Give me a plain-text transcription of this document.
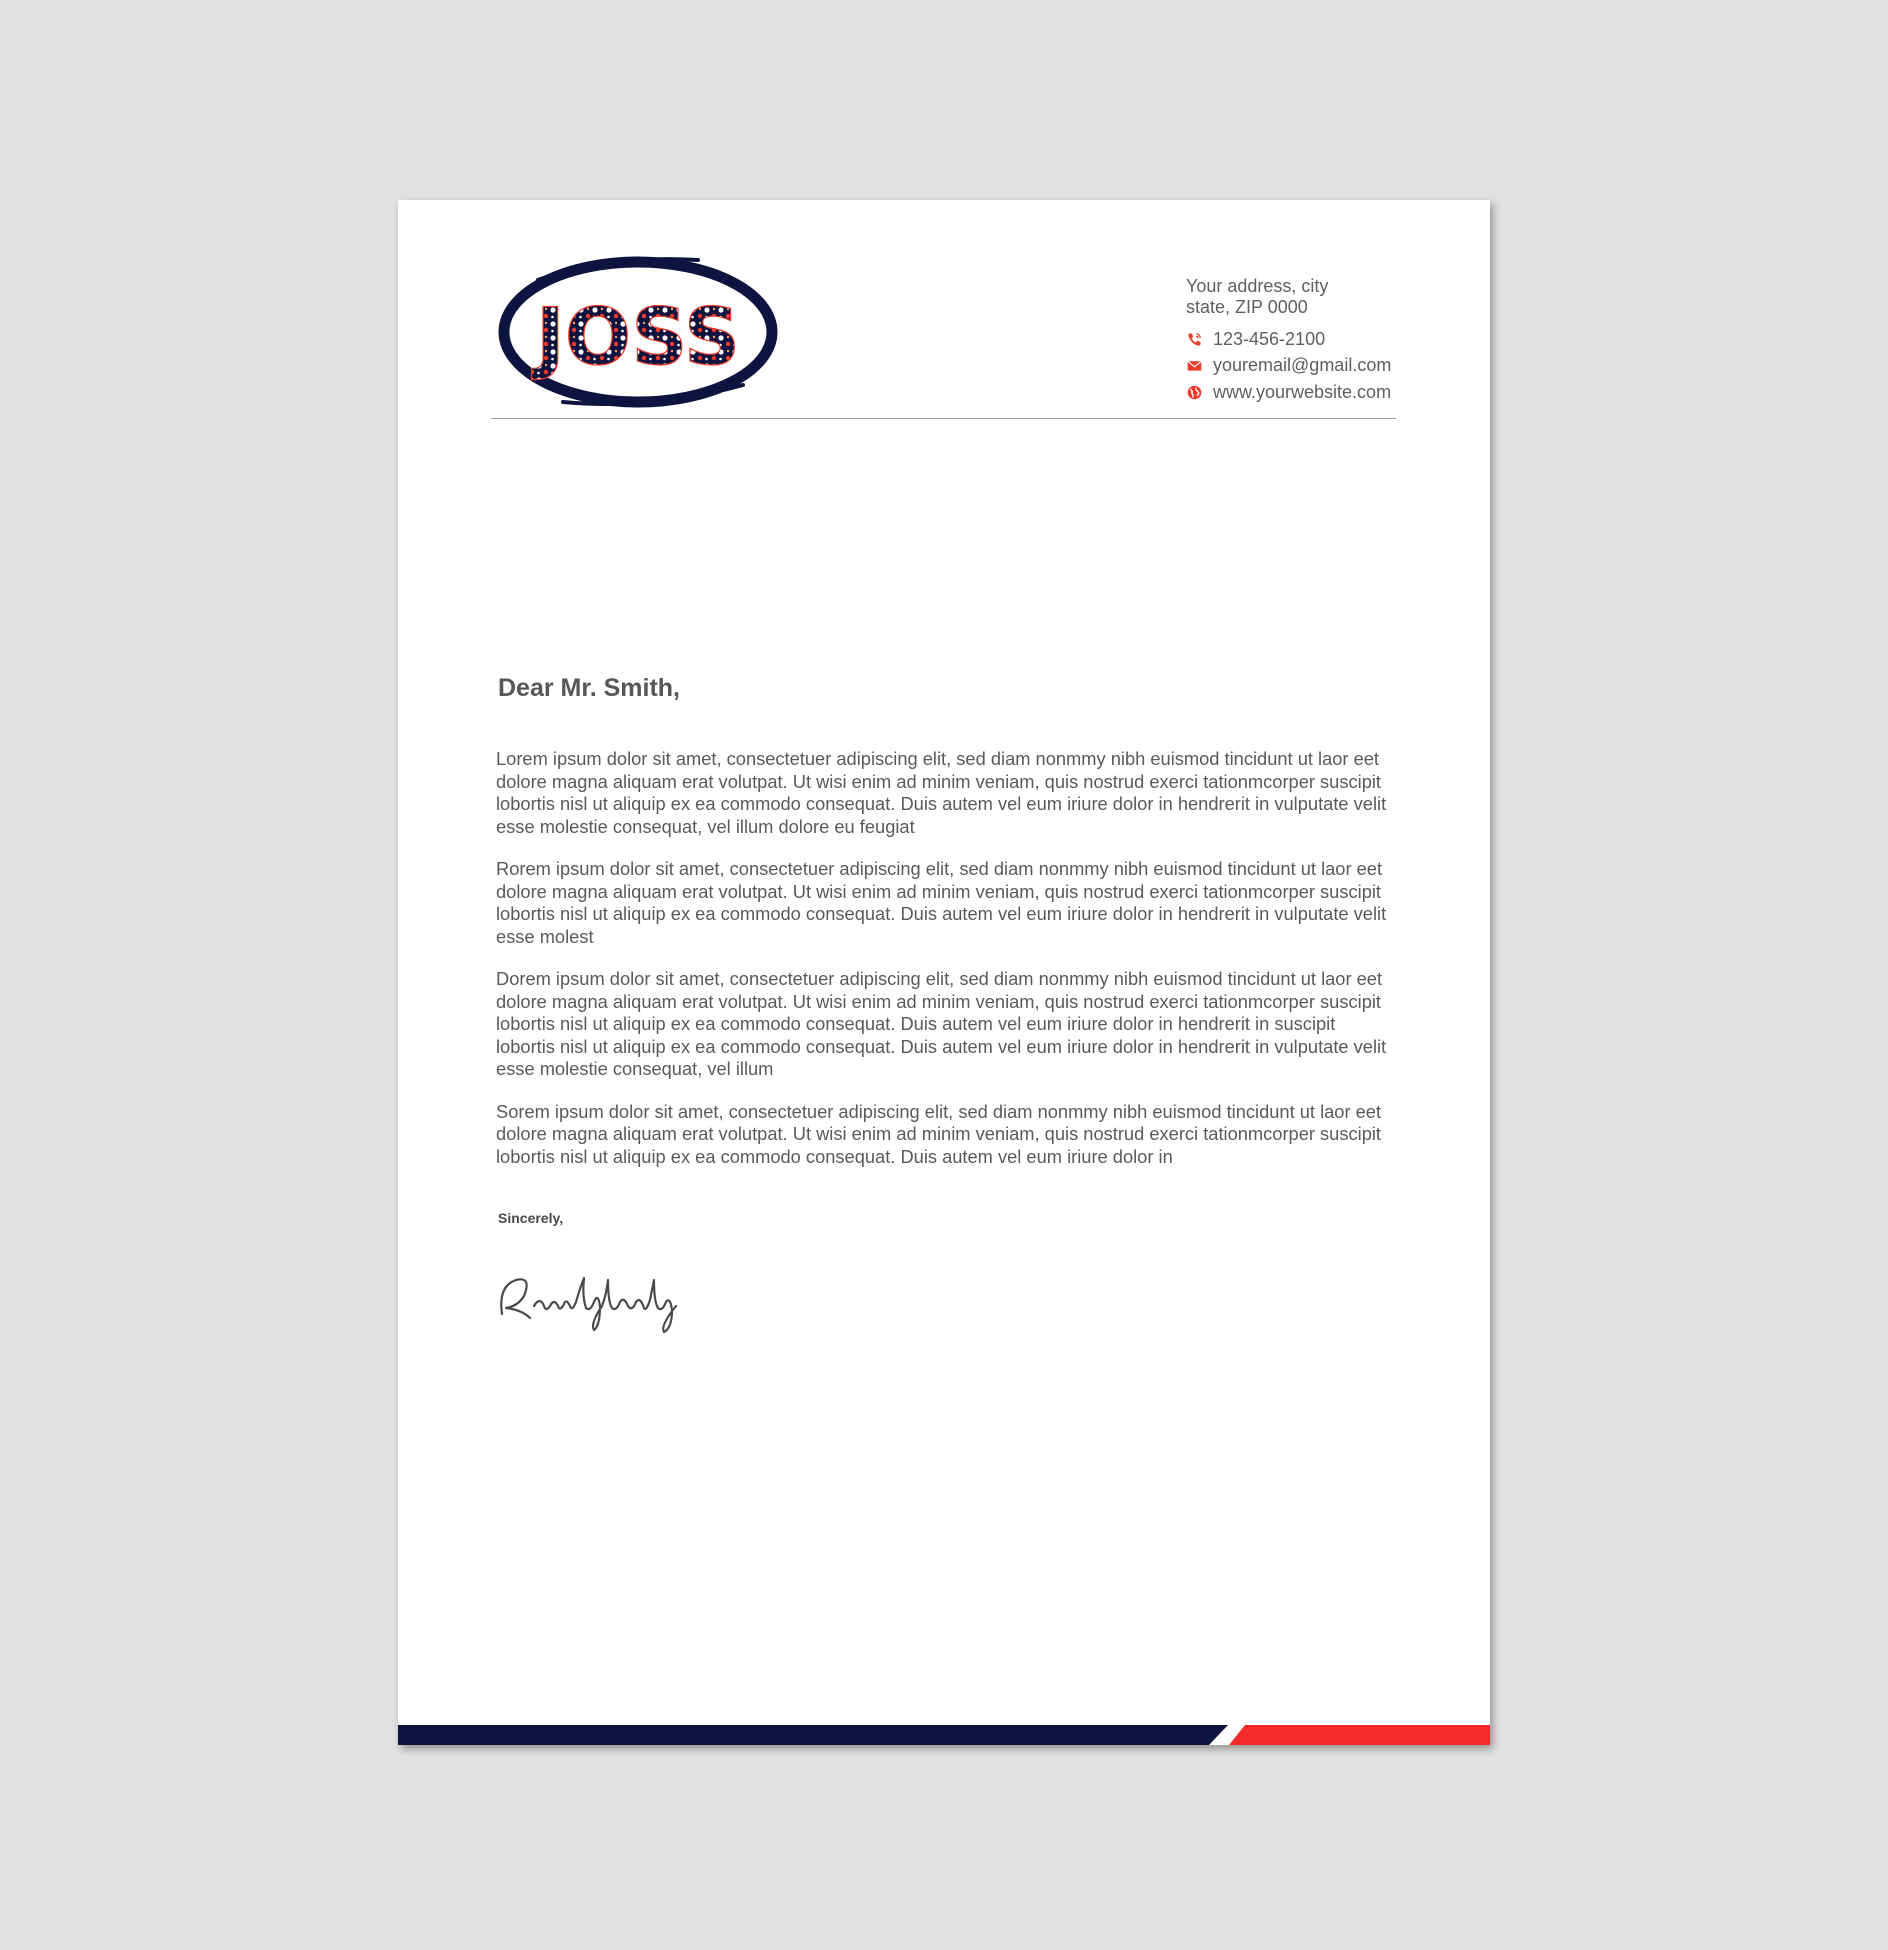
JOSS
Your address, city
state, ZIP 0000
123-456-2100
youremail@gmail.com
www.yourwebsite.com
Dear Mr. Smith,

Lorem ipsum dolor sit amet, consectetuer adipiscing elit, sed diam nonmmy nibh euismod tincidunt ut laor eet dolore magna aliquam erat volutpat. Ut wisi enim ad minim veniam, quis nostrud exerci tationmcorper suscipit lobortis nisl ut aliquip ex ea commodo consequat. Duis autem vel eum iriure dolor in hendrerit in vulputate velit esse molestie consequat, vel illum dolore eu feugiat

Rorem ipsum dolor sit amet, consectetuer adipiscing elit, sed diam nonmmy nibh euismod tincidunt ut laor eet dolore magna aliquam erat volutpat. Ut wisi enim ad minim veniam, quis nostrud exerci tationmcorper suscipit lobortis nisl ut aliquip ex ea commodo consequat. Duis autem vel eum iriure dolor in hendrerit in vulputate velit esse molest

Dorem ipsum dolor sit amet, consectetuer adipiscing elit, sed diam nonmmy nibh euismod tincidunt ut laor eet dolore magna aliquam erat volutpat. Ut wisi enim ad minim veniam, quis nostrud exerci tationmcorper suscipit lobortis nisl ut aliquip ex ea commodo consequat. Duis autem vel eum iriure dolor in hendrerit in suscipit lobortis nisl ut aliquip ex ea commodo consequat. Duis autem vel eum iriure dolor in hendrerit in vulputate velit esse molestie consequat, vel illum

Sorem ipsum dolor sit amet, consectetuer adipiscing elit, sed diam nonmmy nibh euismod tincidunt ut laor eet dolore magna aliquam erat volutpat. Ut wisi enim ad minim veniam, quis nostrud exerci tationmcorper suscipit lobortis nisl ut aliquip ex ea commodo consequat. Duis autem vel eum iriure dolor in

Sincerely,
